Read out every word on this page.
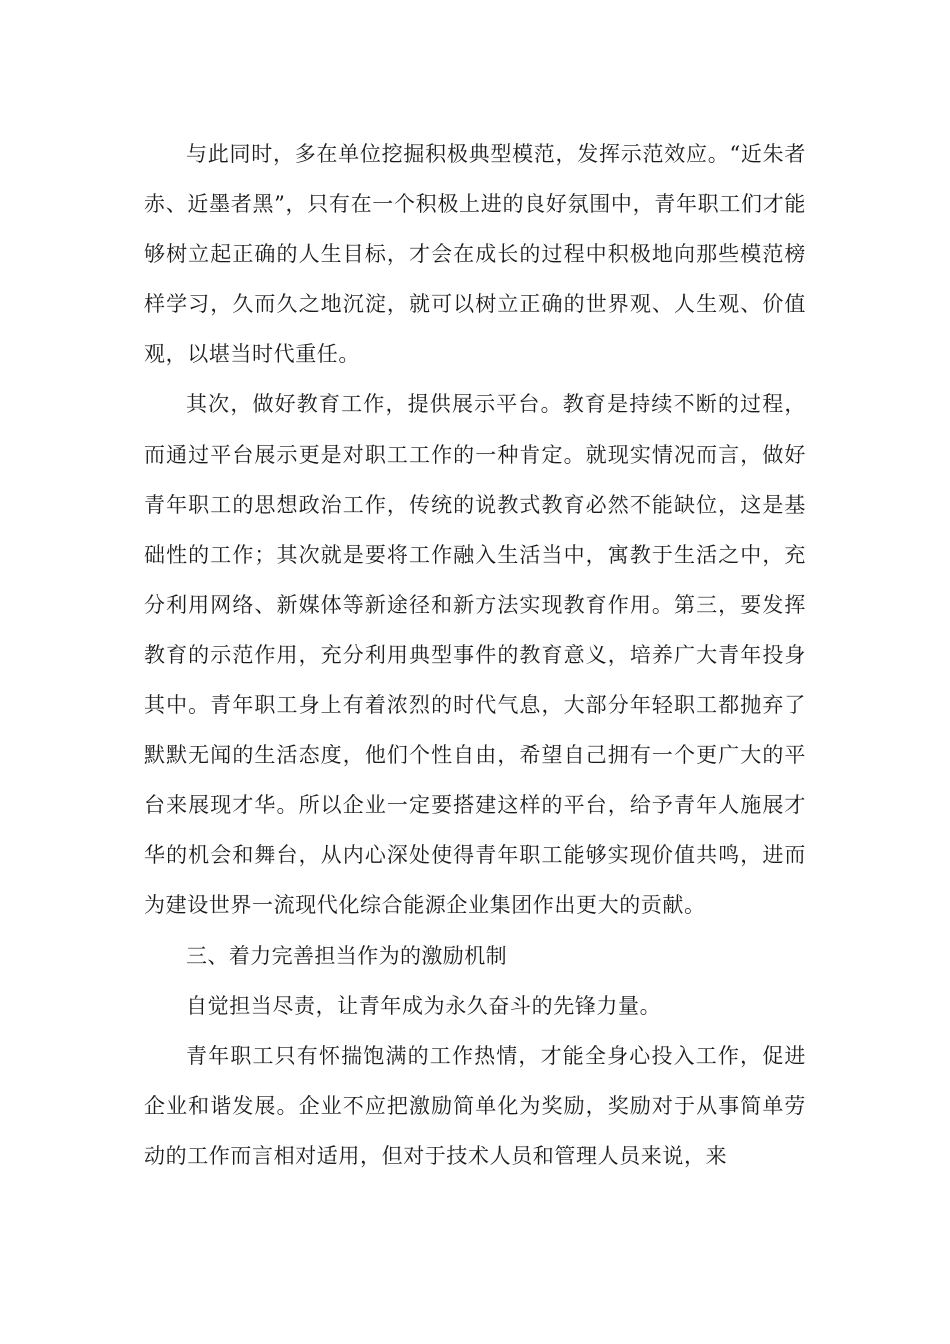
与此同时，多在单位挖掘积极典型模范，发挥示范效应。“近朱者赤、近墨者黑”，只有在一个积极上进的良好氛围中，青年职工们才能够树立起正确的人生目标，才会在成长的过程中积极地向那些模范榜样学习，久而久之地沉淀，就可以树立正确的世界观、人生观、价值观，以堪当时代重任。

其次，做好教育工作，提供展示平台。教育是持续不断的过程，而通过平台展示更是对职工工作的一种肯定。就现实情况而言，做好青年职工的思想政治工作，传统的说教式教育必然不能缺位，这是基础性的工作；其次就是要将工作融入生活当中，寓教于生活之中，充分利用网络、新媒体等新途径和新方法实现教育作用。第三，要发挥教育的示范作用，充分利用典型事件的教育意义，培养广大青年投身其中。青年职工身上有着浓烈的时代气息，大部分年轻职工都抛弃了默默无闻的生活态度，他们个性自由，希望自己拥有一个更广大的平台来展现才华。所以企业一定要搭建这样的平台，给予青年人施展才华的机会和舞台，从内心深处使得青年职工能够实现价值共鸣，进而为建设世界一流现代化综合能源企业集团作出更大的贡献。

三、着力完善担当作为的激励机制

自觉担当尽责，让青年成为永久奋斗的先锋力量。

青年职工只有怀揣饱满的工作热情，才能全身心投入工作，促进企业和谐发展。企业不应把激励简单化为奖励，奖励对于从事简单劳动的工作而言相对适用，但对于技术人员和管理人员来说，来
